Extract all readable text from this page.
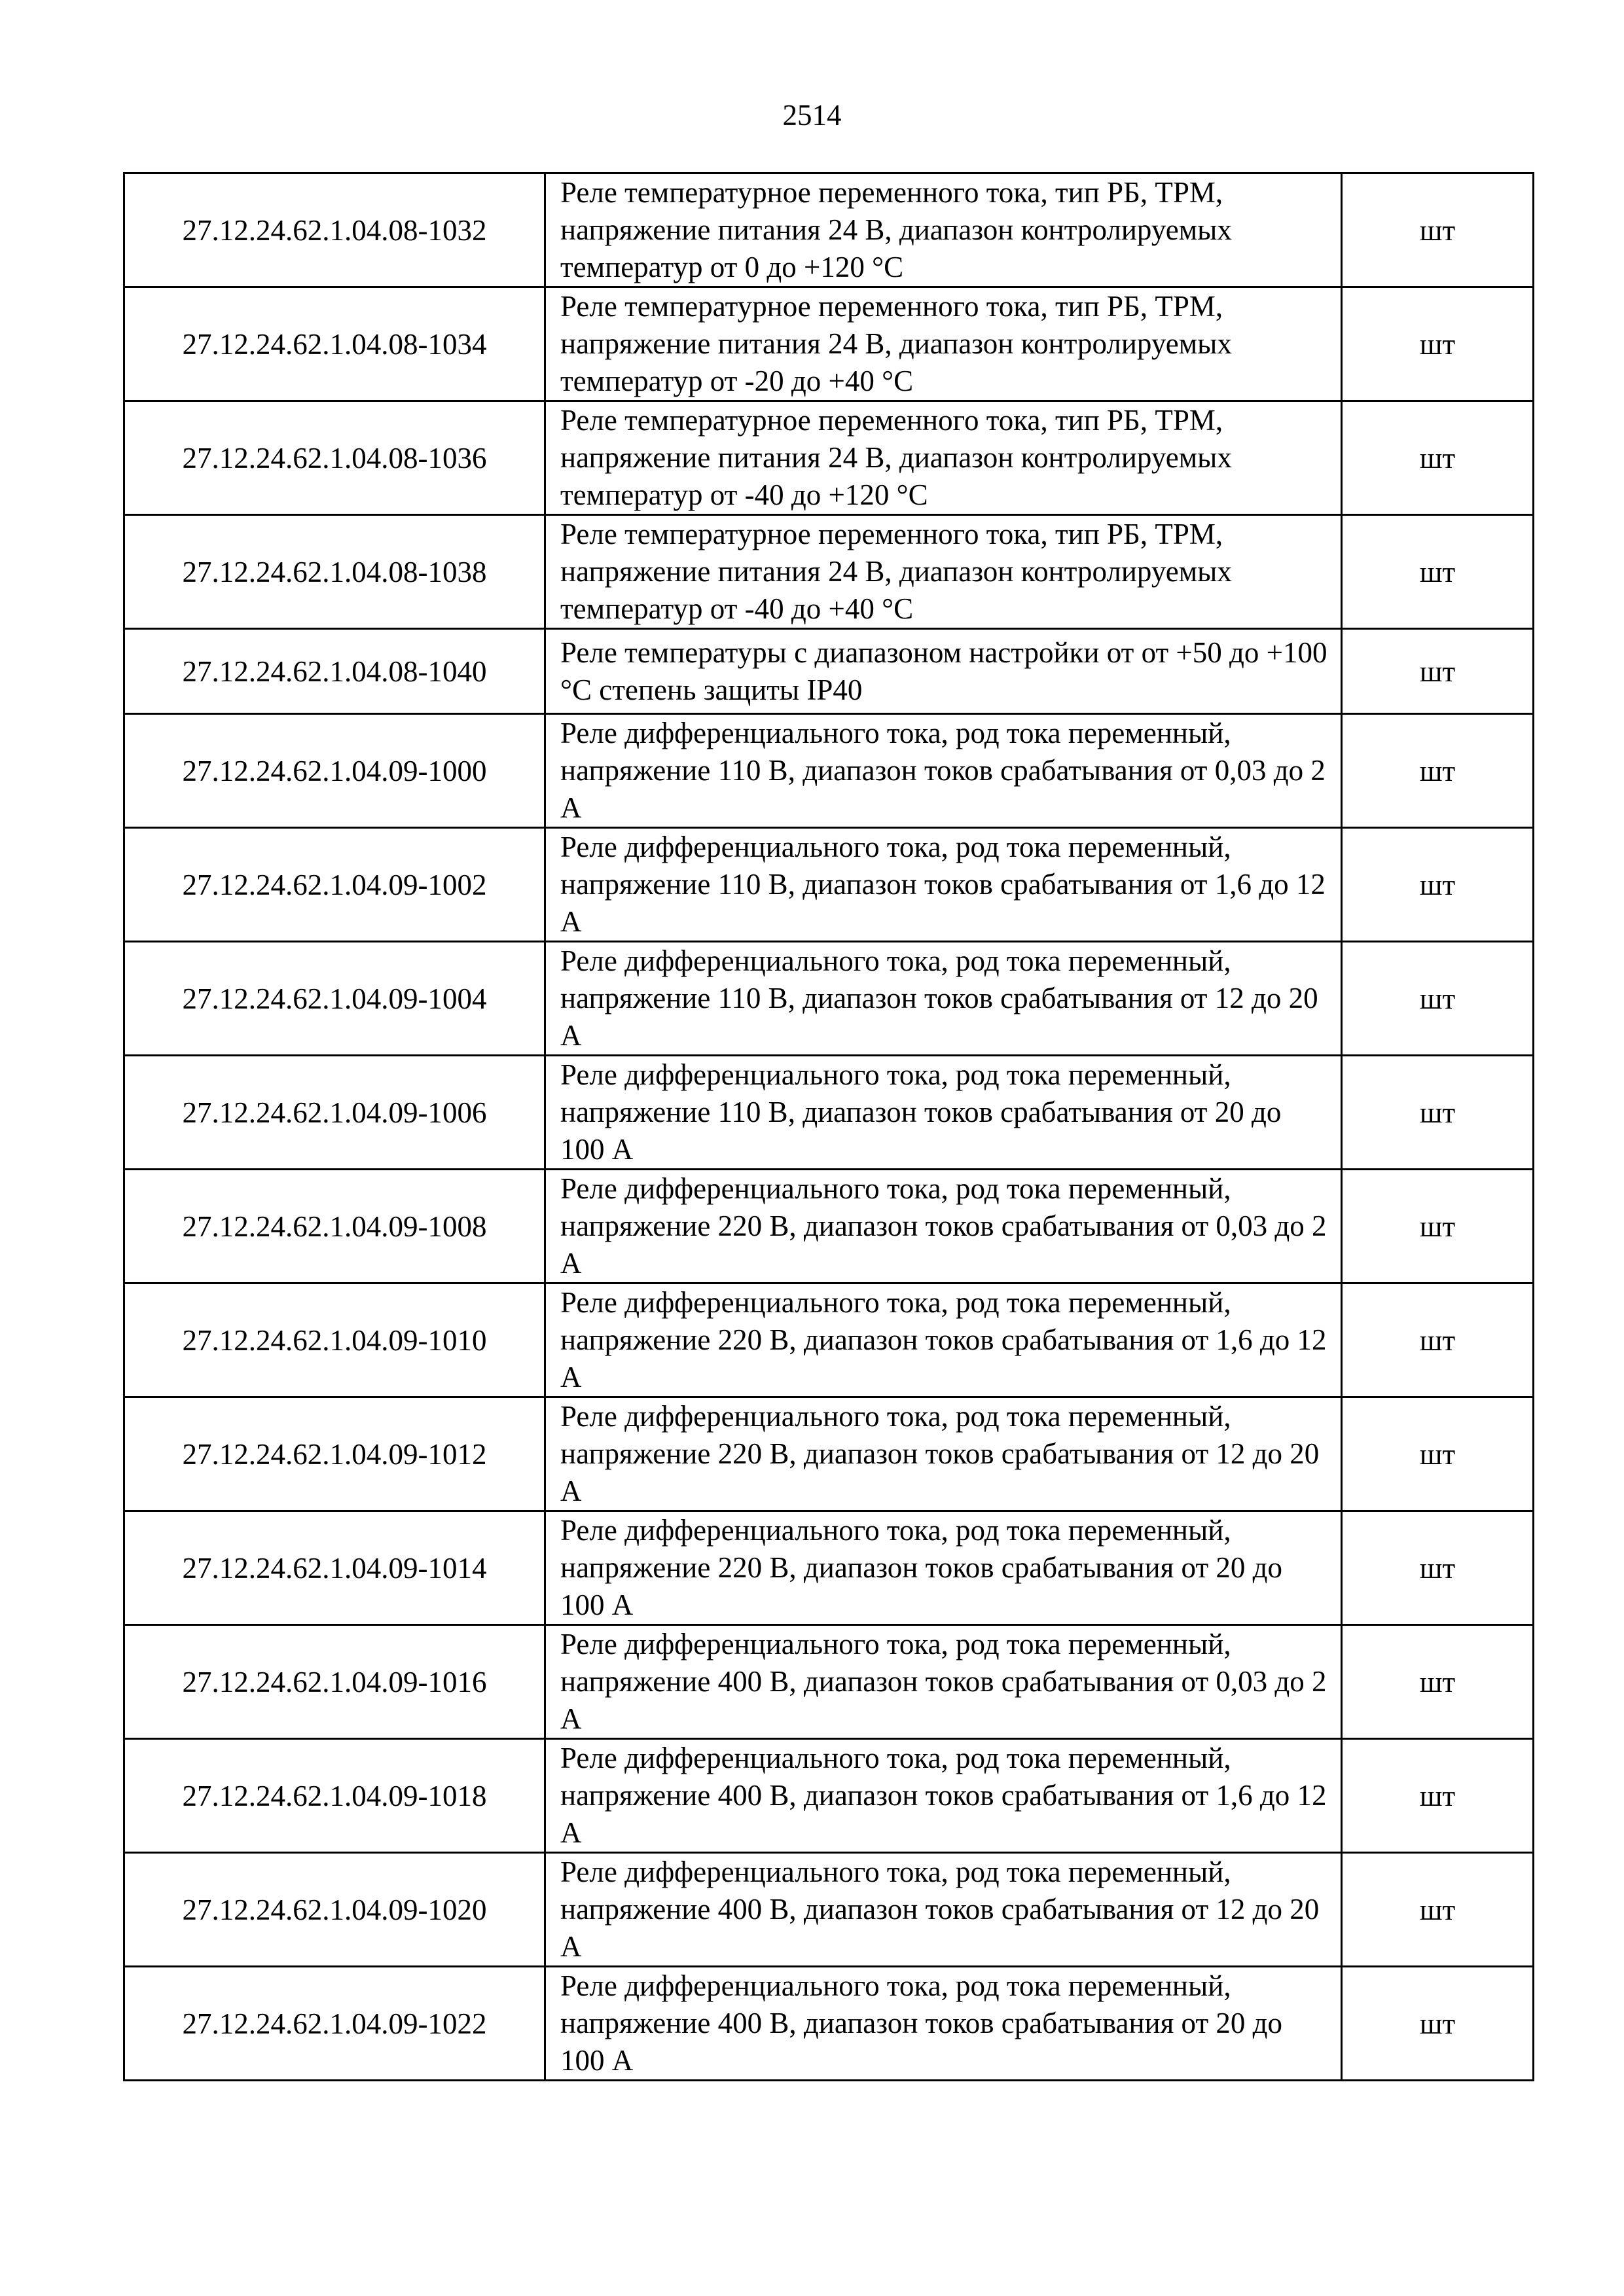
2514
27.12.24.62.1.04.08-1032	Реле температурное переменного тока, тип РБ, ТРМ, напряжение питания 24 В, диапазон контролируемых температур от 0 до +120 °С	шт
27.12.24.62.1.04.08-1034	Реле температурное переменного тока, тип РБ, ТРМ, напряжение питания 24 В, диапазон контролируемых температур от -20 до +40 °С	шт
27.12.24.62.1.04.08-1036	Реле температурное переменного тока, тип РБ, ТРМ, напряжение питания 24 В, диапазон контролируемых температур от -40 до +120 °С	шт
27.12.24.62.1.04.08-1038	Реле температурное переменного тока, тип РБ, ТРМ, напряжение питания 24 В, диапазон контролируемых температур от -40 до +40 °С	шт
27.12.24.62.1.04.08-1040	Реле температуры с диапазоном настройки от от +50 до +100 °С степень защиты IP40	шт
27.12.24.62.1.04.09-1000	Реле дифференциального тока, род тока переменный, напряжение 110 В, диапазон токов срабатывания от 0,03 до 2 А	шт
27.12.24.62.1.04.09-1002	Реле дифференциального тока, род тока переменный, напряжение 110 В, диапазон токов срабатывания от 1,6 до 12 А	шт
27.12.24.62.1.04.09-1004	Реле дифференциального тока, род тока переменный, напряжение 110 В, диапазон токов срабатывания от 12 до 20 А	шт
27.12.24.62.1.04.09-1006	Реле дифференциального тока, род тока переменный, напряжение 110 В, диапазон токов срабатывания от 20 до 100 А	шт
27.12.24.62.1.04.09-1008	Реле дифференциального тока, род тока переменный, напряжение 220 В, диапазон токов срабатывания от 0,03 до 2 А	шт
27.12.24.62.1.04.09-1010	Реле дифференциального тока, род тока переменный, напряжение 220 В, диапазон токов срабатывания от 1,6 до 12 А	шт
27.12.24.62.1.04.09-1012	Реле дифференциального тока, род тока переменный, напряжение 220 В, диапазон токов срабатывания от 12 до 20 А	шт
27.12.24.62.1.04.09-1014	Реле дифференциального тока, род тока переменный, напряжение 220 В, диапазон токов срабатывания от 20 до 100 А	шт
27.12.24.62.1.04.09-1016	Реле дифференциального тока, род тока переменный, напряжение 400 В, диапазон токов срабатывания от 0,03 до 2 А	шт
27.12.24.62.1.04.09-1018	Реле дифференциального тока, род тока переменный, напряжение 400 В, диапазон токов срабатывания от 1,6 до 12 А	шт
27.12.24.62.1.04.09-1020	Реле дифференциального тока, род тока переменный, напряжение 400 В, диапазон токов срабатывания от 12 до 20 А	шт
27.12.24.62.1.04.09-1022	Реле дифференциального тока, род тока переменный, напряжение 400 В, диапазон токов срабатывания от 20 до 100 А	шт
